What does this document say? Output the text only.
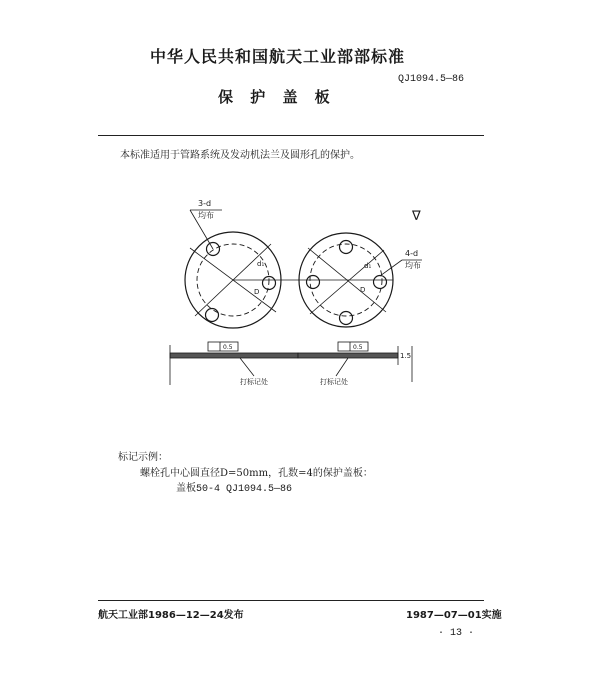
中华人民共和国航天工业部部标准
QJ1094.5—86
保 护 盖 板
本标准适用于管路系统及发动机法兰及圆形孔的保护。
3-d
均布
d₁
D
4-d
均布
d₁
D
∇
0.5
打标记处
0.5
1.5
打标记处
标记示例：
螺栓孔中心圆直径D=50mm，孔数=4的保护盖板：
盖板50-4 QJ1094.5—86
航天工业部1986—12—24发布	1987—07—01实施
· 13 ·
